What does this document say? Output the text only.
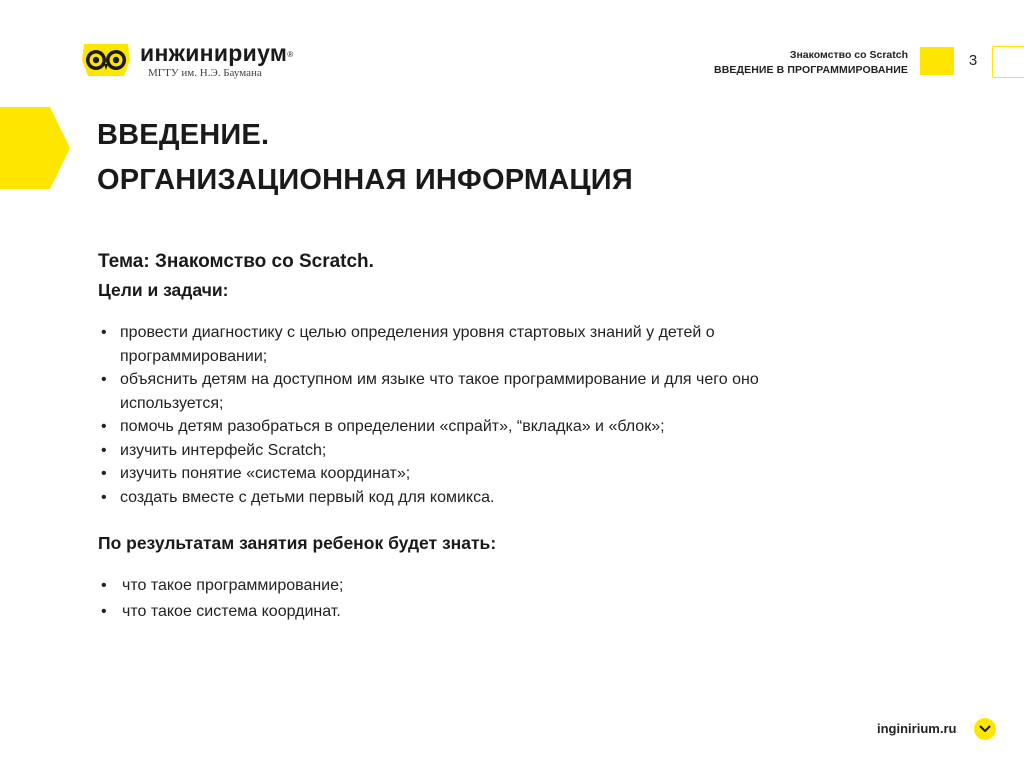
инжинириум®
МГТУ им. Н.Э. Баумана
Знакомство со Scratch
ВВЕДЕНИЕ В ПРОГРАММИРОВАНИЕ
3
ВВЕДЕНИЕ.
ОРГАНИЗАЦИОННАЯ ИНФОРМАЦИЯ
Тема: Знакомство со Scratch.
Цели и задачи:
• провести диагностику с целью определения уровня стартовых знаний у детей о
программировании;
• объяснить детям на доступном им языке что такое программирование и для чего оно
используется;
• помочь детям разобраться в определении «спрайт», “вкладка» и «блок»;
• изучить интерфейс Scratch;
• изучить понятие «система координат»;
• создать вместе с детьми первый код для комикса.
По результатам занятия ребенок будет знать:
• что такое программирование;
• что такое система координат.
inginirium.ru
